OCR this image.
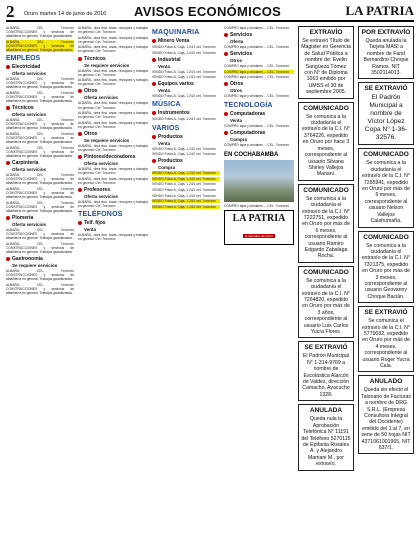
2	Oruro martes 14 de junio de 2016	AVISOS ECONÓMICOS	LA PATRIA
ALBAÑIL, CEL. 7xxxxxxx CONSTRUCCIONES y servicios de albañilería en general. Trabajos garantizados.
ALBAÑIL, CEL. 7xxxxxxx CONSTRUCCIONES y servicios de albañilería en general. Trabajos garantizados.
EMPLEOS
Electricidad
Oferta servicios
ALBAÑIL, CEL. 7xxxxxxx CONSTRUCCIONES y servicios de albañilería en general. Trabajos garantizados.
ALBAÑIL, CEL. 7xxxxxxx CONSTRUCCIONES y servicios de albañilería en general. Trabajos garantizados.
Técnicos
Oferta servicios
ALBAÑIL, CEL. 7xxxxxxx CONSTRUCCIONES y servicios de albañilería en general. Trabajos garantizados.
ALBAÑIL, CEL. 7xxxxxxx CONSTRUCCIONES y servicios de albañilería en general. Trabajos garantizados.
ALBAÑIL, CEL. 7xxxxxxx CONSTRUCCIONES y servicios de albañilería en general. Trabajos garantizados.
Carpintería
Oferta servicios
ALBAÑIL, CEL. 7xxxxxxx CONSTRUCCIONES y servicios de albañilería en general. Trabajos garantizados.
ALBAÑIL, CEL. 7xxxxxxx CONSTRUCCIONES y servicios de albañilería en general. Trabajos garantizados.
ALBAÑIL, CEL. 7xxxxxxx CONSTRUCCIONES y servicios de albañilería en general. Trabajos garantizados.
Plomería
Oferta servicios
ALBAÑIL, CEL. 7xxxxxxx CONSTRUCCIONES y servicios de albañilería en general. Trabajos garantizados.
ALBAÑIL, CEL. 7xxxxxxx CONSTRUCCIONES y servicios de albañilería en general. Trabajos garantizados.
Gastronomía
Se requiere servicios
ALBAÑIL, CEL. 7xxxxxxx CONSTRUCCIONES y servicios de albañilería en general. Trabajos garantizados.
ALBAÑIL, CEL. 7xxxxxxx CONSTRUCCIONES y servicios de albañilería en general. Trabajos garantizados.
ALBAÑIL, obra fina, losas, revoques y trabajos en general. Cel. 7xxxxxxx
ALBAÑIL, obra fina, losas, revoques y trabajos en general. Cel. 7xxxxxxx
ALBAÑIL, obra fina, losas, revoques y trabajos en general. Cel. 7xxxxxxx
Técnicos
Se requiere servicios
ALBAÑIL, obra fina, losas, revoques y trabajos en general. Cel. 7xxxxxxx
ALBAÑIL, obra fina, losas, revoques y trabajos en general. Cel. 7xxxxxxx
Otros
Oferta servicios
ALBAÑIL, obra fina, losas, revoques y trabajos en general. Cel. 7xxxxxxx
ALBAÑIL, obra fina, losas, revoques y trabajos en general. Cel. 7xxxxxxx
ALBAÑIL, obra fina, losas, revoques y trabajos en general. Cel. 7xxxxxxx
Otros
Se requiere servicios
ALBAÑIL, obra fina, losas, revoques y trabajos en general. Cel. 7xxxxxxx
Pintores/decoradores
Oferta servicios
ALBAÑIL, obra fina, losas, revoques y trabajos en general. Cel. 7xxxxxxx
ALBAÑIL, obra fina, losas, revoques y trabajos en general. Cel. 7xxxxxxx
Profesores
Oferta servicios
ALBAÑIL, obra fina, losas, revoques y trabajos en general. Cel. 7xxxxxxx
TELÉFONOS
Telf. fijos
Venta
ALBAÑIL, obra fina, losas, revoques y trabajos en general. Cel. 7xxxxxxx
MAQUINARIA
Minero Venta
VENDO Fotos A, Caja, 1.24/1 cel. 7xxxxxxx
VENDO Fotos A, Caja, 1.24/1 cel. 7xxxxxxx
Industrial
Venta
VENDO Fotos A, Caja, 1.24/1 cel. 7xxxxxxx
VENDO Fotos A, Caja, 1.24/1 cel. 7xxxxxxx
Equipos varios
Venta
VENDO Fotos A, Caja, 1.24/1 cel. 7xxxxxxx
MÚSICA
Instrumentos
VENDO Fotos A, Caja, 1.24/1 cel. 7xxxxxxx
VARIOS
Productos
Venta
VENDO Fotos A, Caja, 1.24/1 cel. 7xxxxxxx
VENDO Fotos A, Caja, 1.24/1 cel. 7xxxxxxx
Productos
Compra
VENDO Fotos A, Caja, 1.24/1 cel. 7xxxxxxx
VENDO Fotos A, Caja, 1.24/1 cel. 7xxxxxxx
VENDO Fotos A, Caja, 1.24/1 cel. 7xxxxxxx
VENDO Fotos A, Caja, 1.24/1 cel. 7xxxxxxx
VENDO Fotos A, Caja, 1.24/1 cel. 7xxxxxxx
VENDO Fotos A, Caja, 1.24/1 cel. 7xxxxxxx
VENDO Fotos A, Caja, 1.24/1 cel. 7xxxxxxx
COMPRO tapa y celulares ... CEL. 7xxxxxxx
Servicios
Oferta
COMPRO tapa y celulares ... CEL. 7xxxxxxx
Servicios
Otros
COMPRO tapa y celulares ... CEL. 7xxxxxxx
COMPRO tapa y celulares ... CEL. 7xxxxxxx
COMPRO tapa y celulares ... CEL. 7xxxxxxx
Otros
Otros
COMPRO tapa y celulares ... CEL. 7xxxxxxx
TECNOLOGÍA
Computadoras
Venta
COMPRO tapa y celulares ... CEL. 7xxxxxxx
Computadoras
Compra
COMPRO tapa y celulares ... CEL. 7xxxxxxx
EN COCHABAMBA
COMPRO tapa y celulares ... CEL. 7xxxxxxx
LA PATRIA
el periódico de Oruro
EXTRAVÍO
Se extravió Título de Magister en Gerencia de Salud Pública a nombre de: Evelin Sangüeza Tómez con N° de Diploma 1063 emitido por UMSS el 30 de septiembre 2005.
COMUNICADO
Se comunica a la ciudadanía el extravío de la C.I. N° 3764226, expedido en Oruro por hace 3 meses, correspondiente al usuario Silvana Shirley Vallejos Manani.
COMUNICADO
Se comunica a la ciudadanía el extravío de la C.I. N° 7222751, expedido en Oruro por más de 6 meses, correspondiente al usuario Ramiro Edgardo Zabalaga Rocha.
COMUNICADO
Se comunica a la ciudadanía el extravío de la C.I. N° 7264820, expedido en Oruro por más de 3 años, correspondiente al usuario Luis Carlos Yucra Flores.
SE EXTRAVIÓ
El Padrón Municipal N° 1-314-9769 a nombre de Escolástica Alarcón de Valdez, dirección Camacho, Ayacucho 1328.
ANULADA
Queda nula la Aprobación Telefónica N° 11191 del Teléfono 5270115 de Epifania Rosales A. y Alejandro Mamani M., por extravío.
POR EXTRAVÍO
Queda anulada la Tarjeta MASI a nombre de Farid Bernardino Choque Ramos. NIT 3502114013.
SE EXTRAVIÓ
El Padrón Municipal a nombre de Víctor López Copa N° 1-36-32576.
COMUNICADO
Se comunica a la ciudadanía el extravío de la C.I. N° 7285941, expedido en Oruro por más de 6 meses, correspondiente al usuario Nelson Vallejos Calahumaña.
COMUNICADO
Se comunica a la ciudadanía el extravío de la C.I. N° 7321375, expedido en Oruro por más de 3 meses, correspondiente al usuario Geovanny Choque Bacián.
SE EXTRAVIÓ
Se comunica el extravío de la C.I. N° 5779032, expedido en Oruro por más de 4 meses, correspondiente al usuario Roger Yucra Cala.
ANULADO
Queda sin efecto el Talonario de Facturas a nombre de DRG S.R.L. (Empresa Consultora Integral del Occidente) emitido del 1 al 7, en serie de 50 hojas NIT 4371061001965, NIT 637/1.
